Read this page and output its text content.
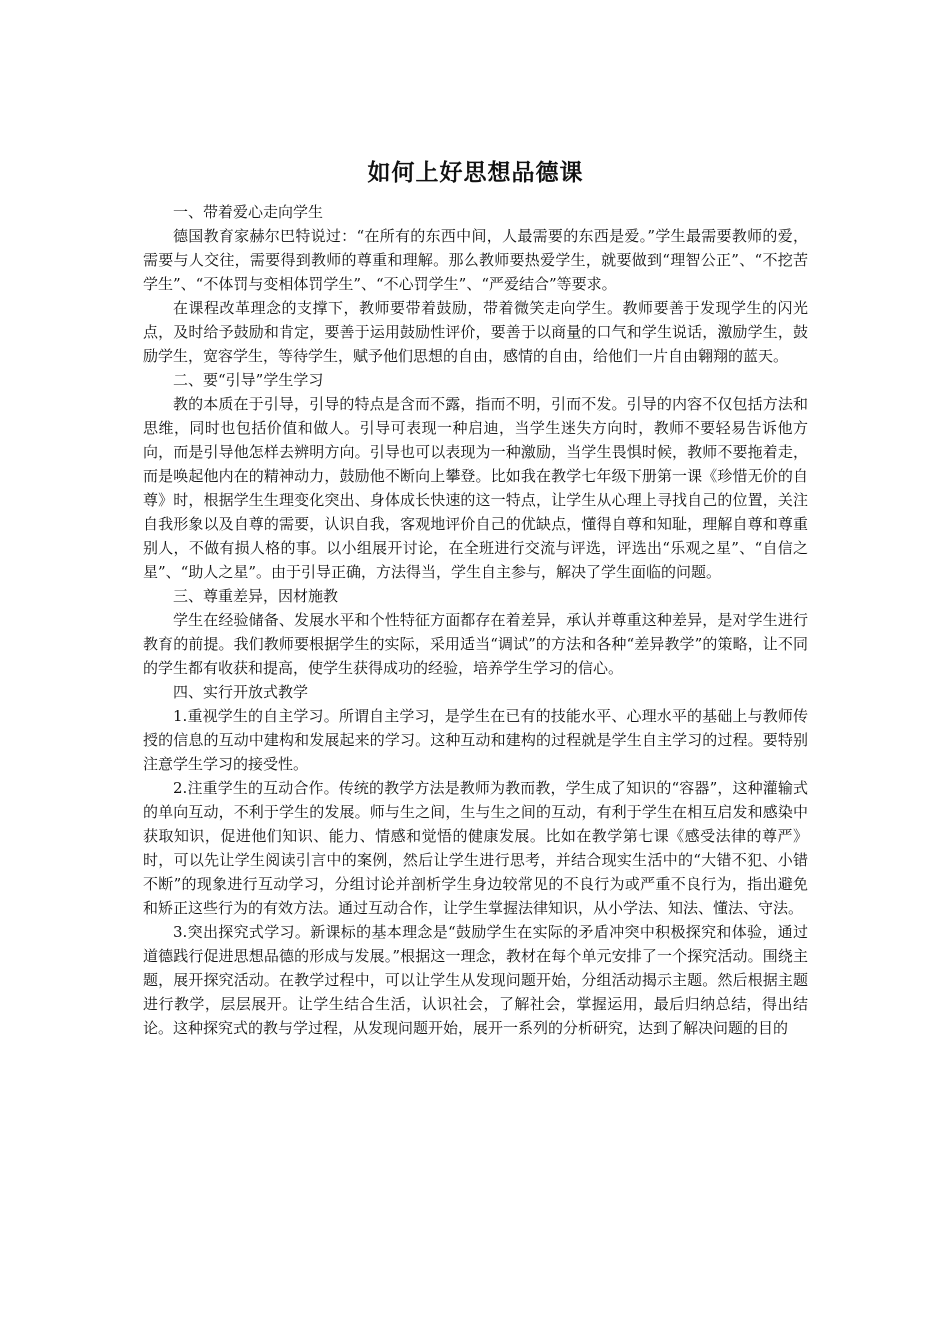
如何上好思想品德课

一、带着爱心走向学生

德国教育家赫尔巴特说过：“在所有的东西中间，人最需要的东西是爱。”学生最需要教师的爱，需要与人交往，需要得到教师的尊重和理解。那么教师要热爱学生，就要做到“理智公正”、“不挖苦学生”、“不体罚与变相体罚学生”、“不心罚学生”、“严爱结合”等要求。

在课程改革理念的支撑下，教师要带着鼓励，带着微笑走向学生。教师要善于发现学生的闪光点，及时给予鼓励和肯定，要善于运用鼓励性评价，要善于以商量的口气和学生说话，激励学生，鼓励学生，宽容学生，等待学生，赋予他们思想的自由，感情的自由，给他们一片自由翱翔的蓝天。

二、要“引导”学生学习

教的本质在于引导，引导的特点是含而不露，指而不明，引而不发。引导的内容不仅包括方法和思维，同时也包括价值和做人。引导可表现一种启迪，当学生迷失方向时，教师不要轻易告诉他方向，而是引导他怎样去辨明方向。引导也可以表现为一种激励，当学生畏惧时候，教师不要拖着走，而是唤起他内在的精神动力，鼓励他不断向上攀登。比如我在教学七年级下册第一课《珍惜无价的自尊》时，根据学生生理变化突出、身体成长快速的这一特点，让学生从心理上寻找自己的位置，关注自我形象以及自尊的需要，认识自我，客观地评价自己的优缺点，懂得自尊和知耻，理解自尊和尊重别人，不做有损人格的事。以小组展开讨论，在全班进行交流与评选，评选出“乐观之星”、“自信之星”、“助人之星”。由于引导正确，方法得当，学生自主参与，解决了学生面临的问题。

三、尊重差异，因材施教

学生在经验储备、发展水平和个性特征方面都存在着差异，承认并尊重这种差异，是对学生进行教育的前提。我们教师要根据学生的实际，采用适当“调试”的方法和各种“差异教学”的策略，让不同的学生都有收获和提高，使学生获得成功的经验，培养学生学习的信心。

四、实行开放式教学

1.重视学生的自主学习。所谓自主学习，是学生在已有的技能水平、心理水平的基础上与教师传授的信息的互动中建构和发展起来的学习。这种互动和建构的过程就是学生自主学习的过程。要特别注意学生学习的接受性。

2.注重学生的互动合作。传统的教学方法是教师为教而教，学生成了知识的“容器”，这种灌输式的单向互动，不利于学生的发展。师与生之间，生与生之间的互动，有利于学生在相互启发和感染中获取知识，促进他们知识、能力、情感和觉悟的健康发展。比如在教学第七课《感受法律的尊严》时，可以先让学生阅读引言中的案例，然后让学生进行思考，并结合现实生活中的“大错不犯、小错不断”的现象进行互动学习，分组讨论并剖析学生身边较常见的不良行为或严重不良行为，指出避免和矫正这些行为的有效方法。通过互动合作，让学生掌握法律知识，从小学法、知法、懂法、守法。

3.突出探究式学习。新课标的基本理念是“鼓励学生在实际的矛盾冲突中积极探究和体验，通过道德践行促进思想品德的形成与发展。”根据这一理念，教材在每个单元安排了一个探究活动。围绕主题，展开探究活动。在教学过程中，可以让学生从发现问题开始，分组活动揭示主题。然后根据主题进行教学，层层展开。让学生结合生活，认识社会，了解社会，掌握运用，最后归纳总结，得出结论。这种探究式的教与学过程，从发现问题开始，展开一系列的分析研究，达到了解决问题的目的
